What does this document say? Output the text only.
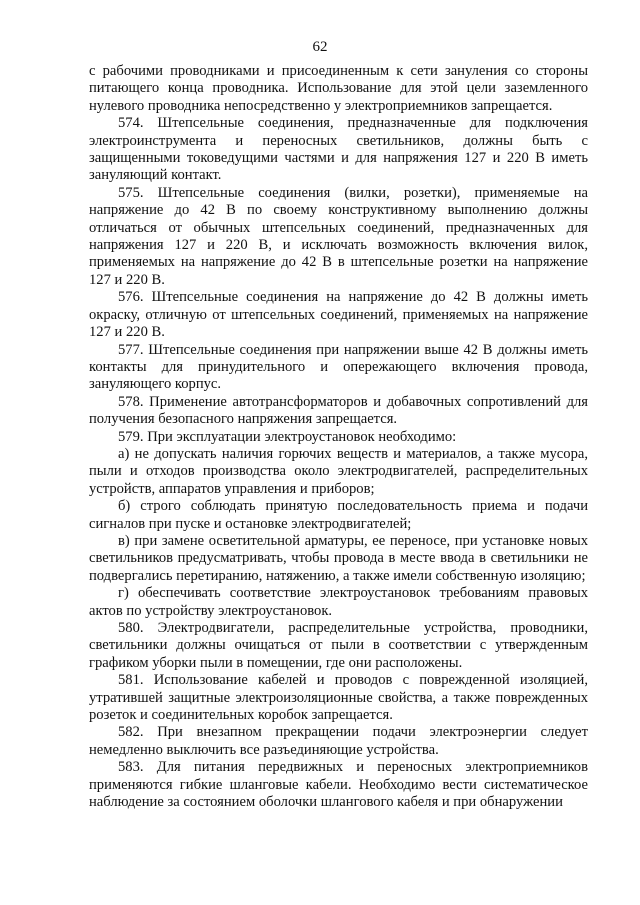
62

с рабочими проводниками и присоединенным к сети зануления со стороны питающего конца проводника. Использование для этой цели заземленного нулевого проводника непосредственно у электроприемников запрещается.

574. Штепсельные соединения, предназначенные для подключения электроинструмента и переносных светильников, должны быть с защищенными токоведущими частями и для напряжения 127 и 220 В иметь зануляющий контакт.

575. Штепсельные соединения (вилки, розетки), применяемые на напряжение до 42 В по своему конструктивному выполнению должны отличаться от обычных штепсельных соединений, предназначенных для напряжения 127 и 220 В, и исключать возможность включения вилок, применяемых на напряжение до 42 В в штепсельные розетки на напряжение 127 и 220 В.

576. Штепсельные соединения на напряжение до 42 В должны иметь окраску, отличную от штепсельных соединений, применяемых на напряжение 127 и 220 В.

577. Штепсельные соединения при напряжении выше 42 В должны иметь контакты для принудительного и опережающего включения провода, зануляющего корпус.

578. Применение автотрансформаторов и добавочных сопротивлений для получения безопасного напряжения запрещается.

579. При эксплуатации электроустановок необходимо:

а) не допускать наличия горючих веществ и материалов, а также мусора, пыли и отходов производства около электродвигателей, распределительных устройств, аппаратов управления и приборов;

б) строго соблюдать принятую последовательность приема и подачи сигналов при пуске и остановке электродвигателей;

в) при замене осветительной арматуры, ее переносе, при установке новых светильников предусматривать, чтобы провода в месте ввода в светильники не подвергались перетиранию, натяжению, а также имели собственную изоляцию;

г) обеспечивать соответствие электроустановок требованиям правовых актов по устройству электроустановок.

580. Электродвигатели, распределительные устройства, проводники, светильники должны очищаться от пыли в соответствии с утвержденным графиком уборки пыли в помещении, где они расположены.

581. Использование кабелей и проводов с поврежденной изоляцией, утратившей защитные электроизоляционные свойства, а также поврежденных розеток и соединительных коробок запрещается.

582. При внезапном прекращении подачи электроэнергии следует немедленно выключить все разъединяющие устройства.

583. Для питания передвижных и переносных электроприемников применяются гибкие шланговые кабели. Необходимо вести систематическое наблюдение за состоянием оболочки шлангового кабеля и при обнаружении
